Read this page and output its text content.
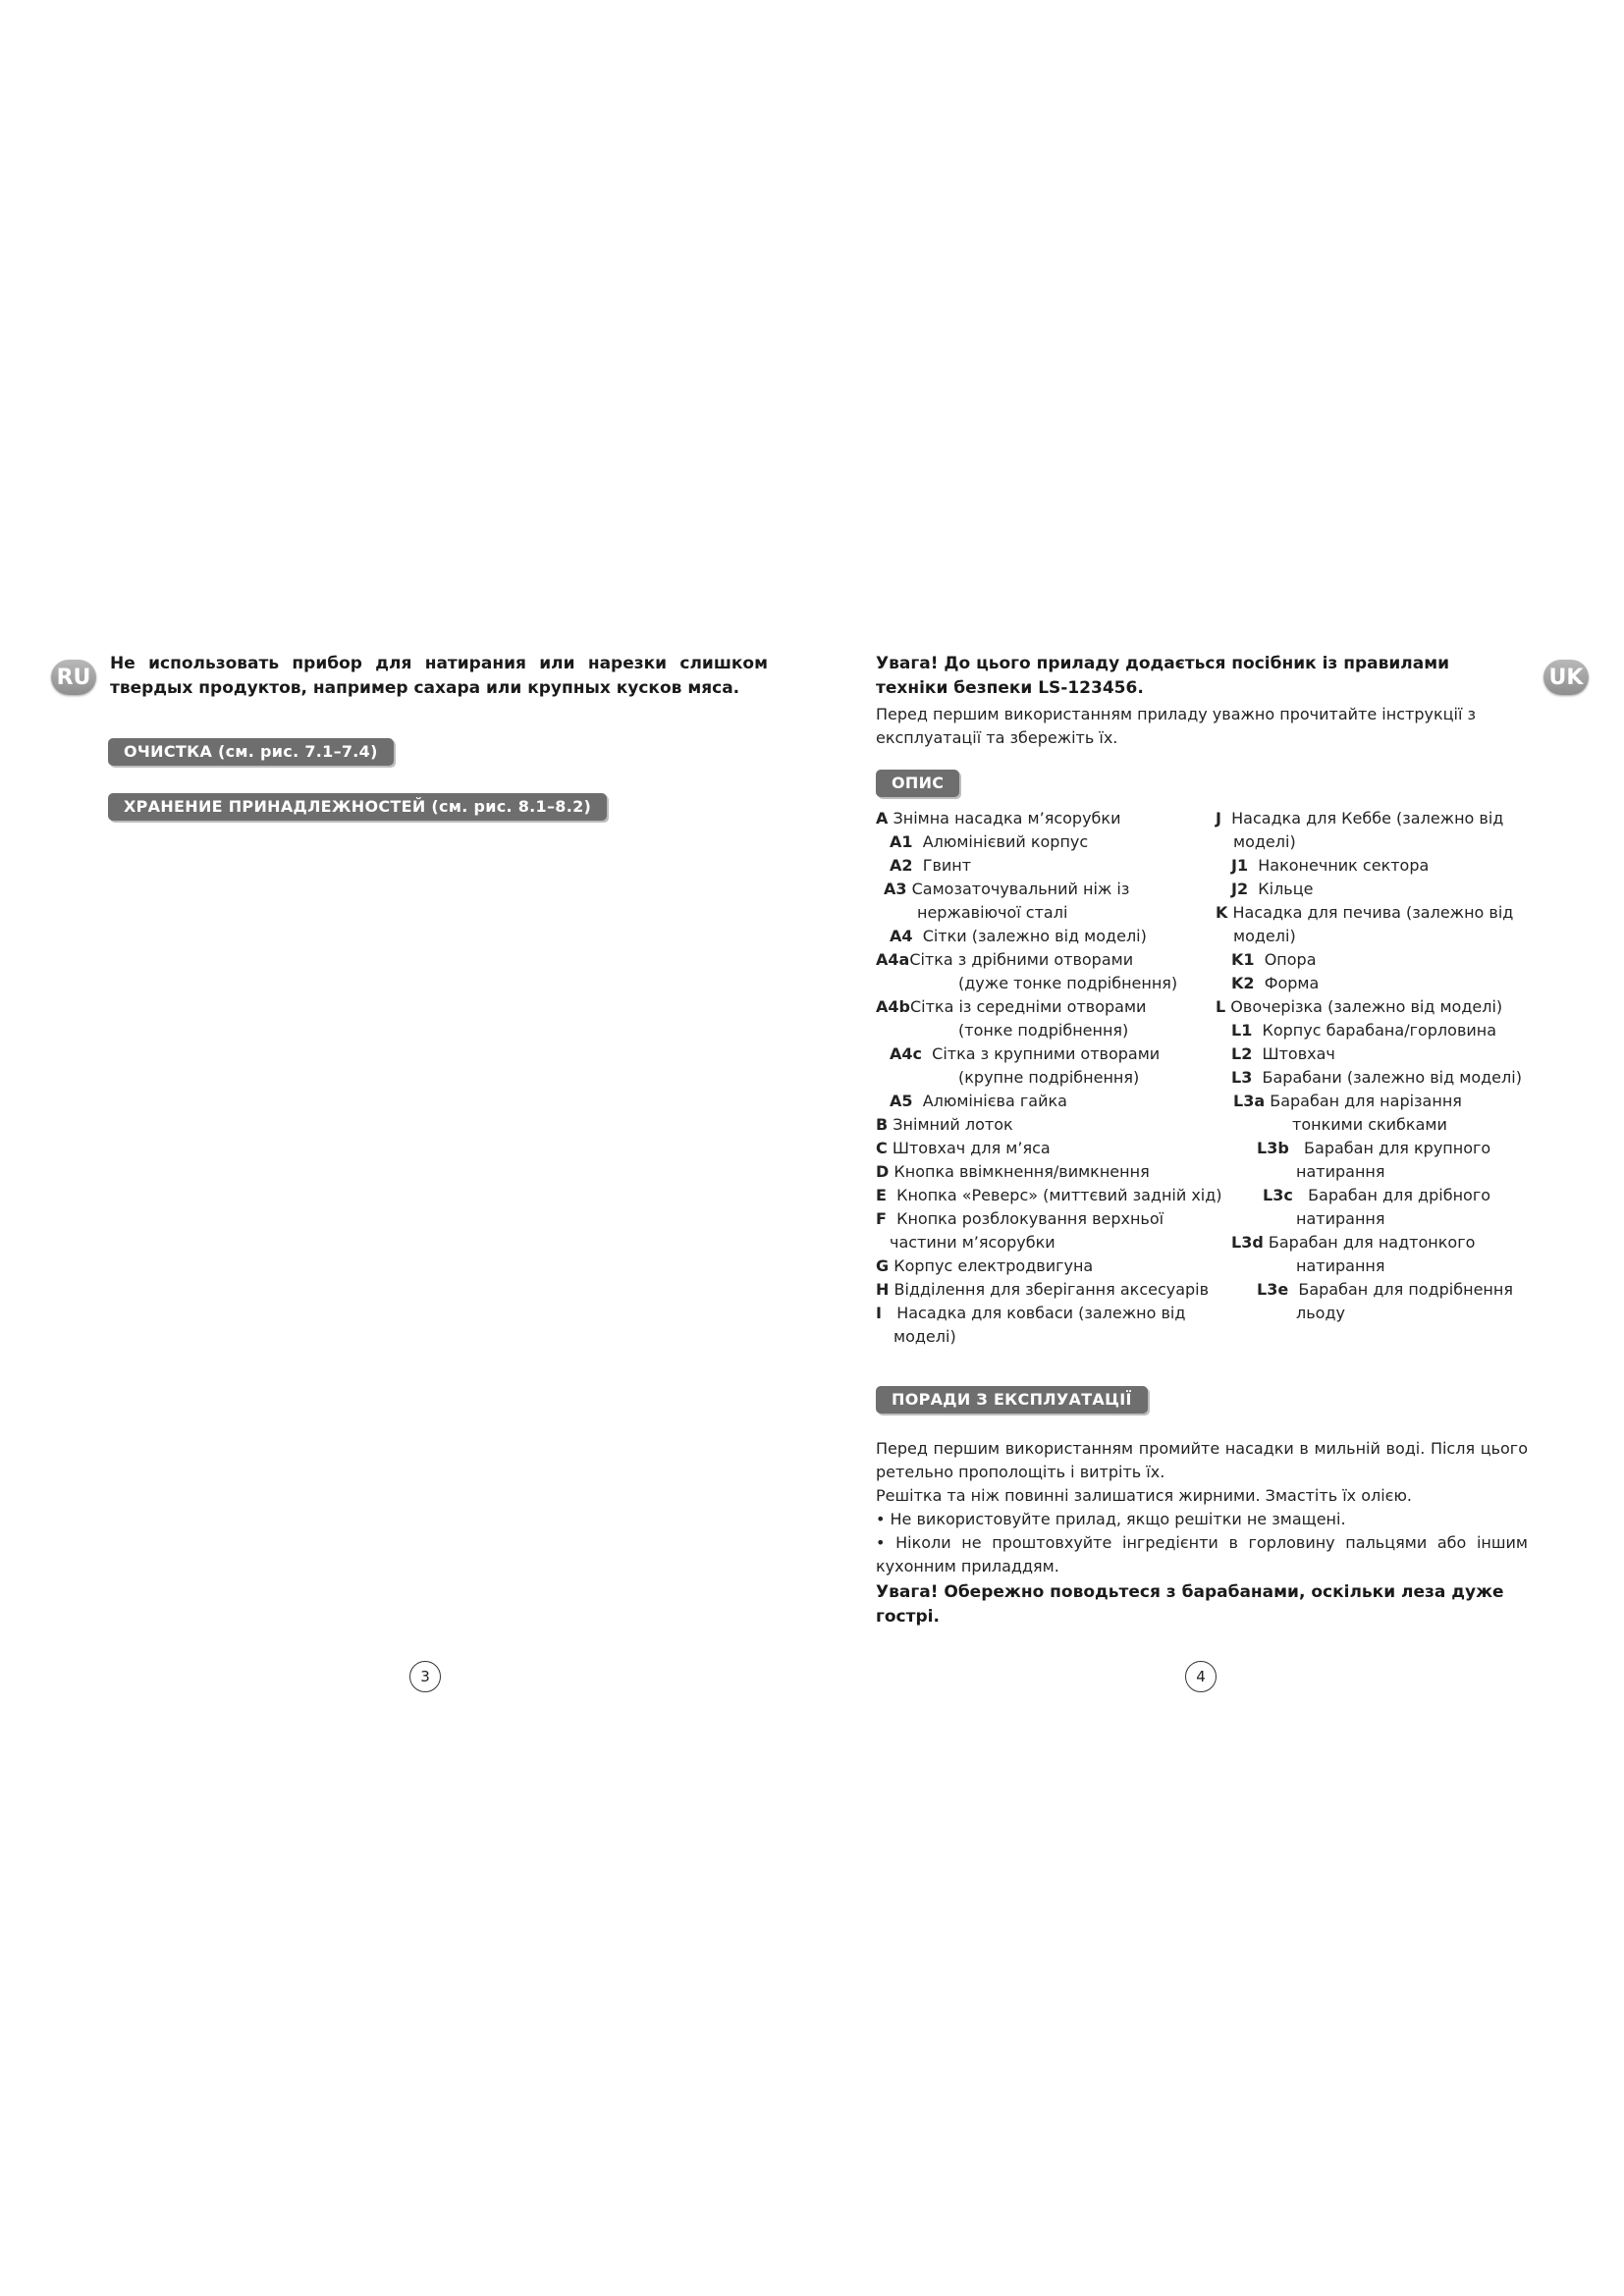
RU
Не использовать прибор для натирания или нарезки слишком твердых продуктов, например сахара или крупных кусков мяса.
ОЧИСТКА (см. рис. 7.1–7.4)
ХРАНЕНИЕ ПРИНАДЛЕЖНОСТЕЙ (см. рис. 8.1–8.2)
3
UK
Увага! До цього приладу додається посібник із правилами техніки безпеки LS-123456.
Перед першим використанням приладу уважно прочитайте інструкції з експлуатації та збережіть їх.
ОПИС
A Знімна насадка м’ясорубки
A1 Алюмінієвий корпус
A2 Гвинт
A3 Самозаточувальний ніж із
нержавіючої сталі
A4 Сітки (залежно від моделі)
A4aСітка з дрібними отворами
(дуже тонке подрібнення)
A4bСітка із середніми отворами
(тонке подрібнення)
A4c Сітка з крупними отворами
(крупне подрібнення)
A5 Алюмінієва гайка
B Знімний лоток
C Штовхач для м’яса
D Кнопка ввімкнення/вимкнення
E Кнопка «Реверс» (миттєвий задній хід)
F Кнопка розблокування верхньої
частини м’ясорубки
G Корпус електродвигуна
H Відділення для зберігання аксесуарів
I Насадка для ковбаси (залежно від
моделі)
J Насадка для Кеббе (залежно від
моделі)
J1 Наконечник сектора
J2 Кільце
K Насадка для печива (залежно від
моделі)
K1 Опора
K2 Форма
L Овочерізка (залежно від моделі)
L1 Корпус барабана/горловина
L2 Штовхач
L3 Барабани (залежно від моделі)
L3a Барабан для нарізання
тонкими скибками
L3b Барабан для крупного
натирання
L3c Барабан для дрібного
натирання
L3d Барабан для надтонкого
натирання
L3e Барабан для подрібнення
льоду
ПОРАДИ З ЕКСПЛУАТАЦІЇ
Перед першим використанням промийте насадки в мильній воді. Після цього ретельно прополощіть і витріть їх.
Решітка та ніж повинні залишатися жирними. Змастіть їх олією.
• Не використовуйте прилад, якщо решітки не змащені.
• Ніколи не проштовхуйте інгредієнти в горловину пальцями або іншим кухонним приладдям.
Увага! Обережно поводьтеся з барабанами, оскільки леза дуже гострі.
4
